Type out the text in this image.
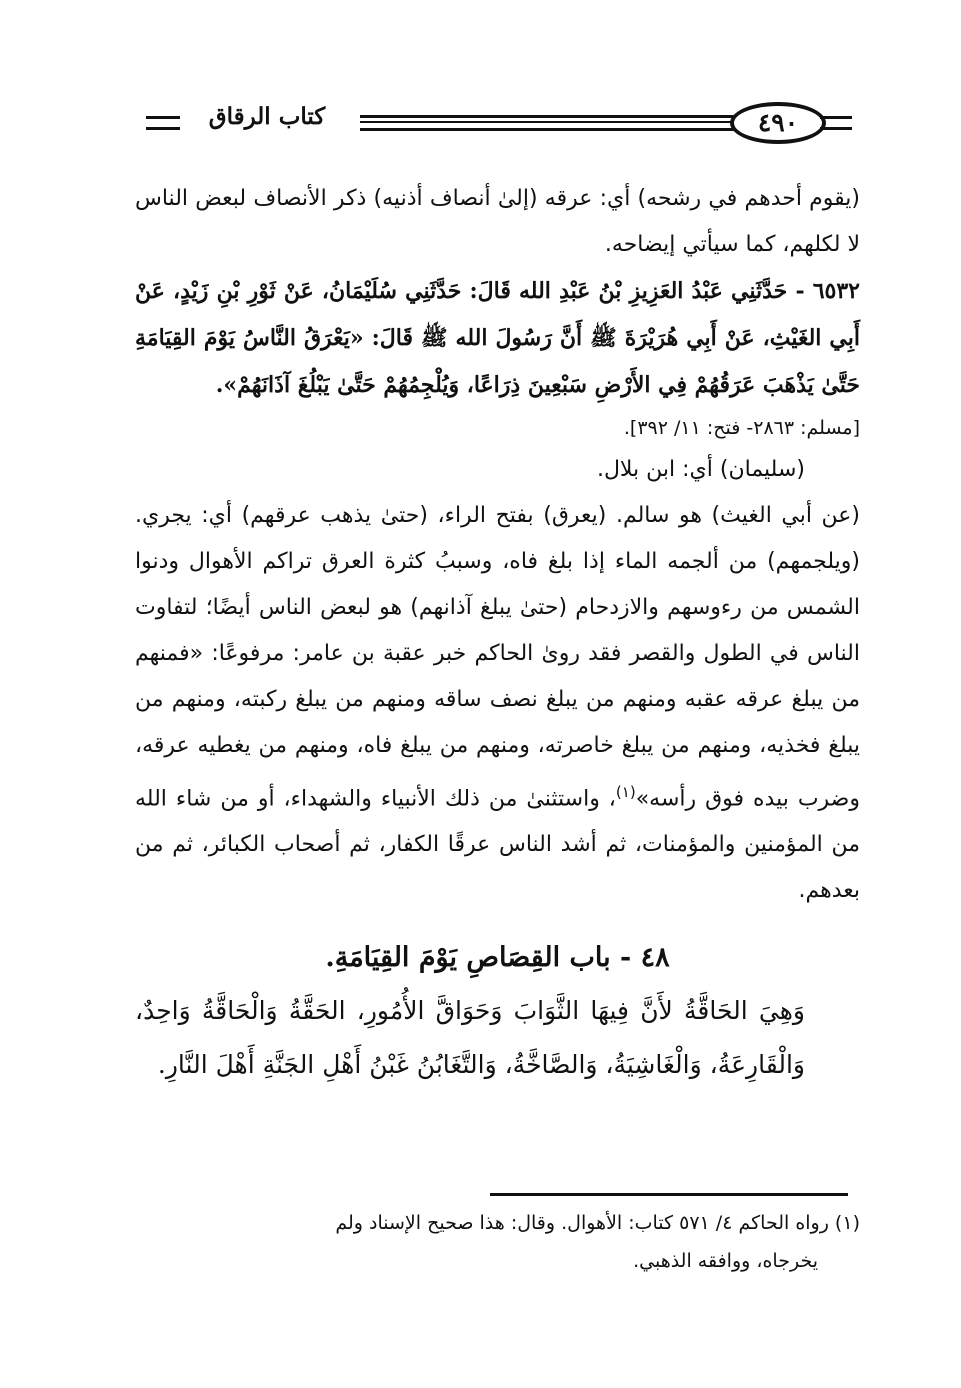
كتاب الرقاق	٤٩٠

(يقوم أحدهم في رشحه) أي: عرقه (إلىٰ أنصاف أذنيه) ذكر الأنصاف لبعض الناس لا لكلهم، كما سيأتي إيضاحه.

٦٥٣٢ - حَدَّثَنِي عَبْدُ العَزِيزِ بْنُ عَبْدِ الله قَالَ: حَدَّثَنِي سُلَيْمَانُ، عَنْ ثَوْرِ بْنِ زَيْدٍ، عَنْ أَبِي الغَيْثِ، عَنْ أَبِي هُرَيْرَةَ ﷺ أَنَّ رَسُولَ الله ﷺ قَالَ: «يَعْرَقُ النَّاسُ يَوْمَ القِيَامَةِ حَتَّىٰ يَذْهَبَ عَرَقُهُمْ فِي الأَرْضِ سَبْعِينَ ذِرَاعًا، وَيُلْجِمُهُمْ حَتَّىٰ يَبْلُغَ آذَانَهُمْ».

[مسلم: ٢٨٦٣- فتح: ١١/ ٣٩٢].

(سليمان) أي: ابن بلال.

(عن أبي الغيث) هو سالم. (يعرق) بفتح الراء، (حتىٰ يذهب عرقهم) أي: يجري. (ويلجمهم) من ألجمه الماء إذا بلغ فاه، وسببُ كثرة العرق تراكم الأهوال ودنوا الشمس من رءوسهم والازدحام (حتىٰ يبلغ آذانهم) هو لبعض الناس أيضًا؛ لتفاوت الناس في الطول والقصر فقد روىٰ الحاكم خبر عقبة بن عامر: مرفوعًا: «فمنهم من يبلغ عرقه عقبه ومنهم من يبلغ نصف ساقه ومنهم من يبلغ ركبته، ومنهم من يبلغ فخذيه، ومنهم من يبلغ خاصرته، ومنهم من يبلغ فاه، ومنهم من يغطيه عرقه، وضرب بيده فوق رأسه»$^{(١)}$، واستثنىٰ من ذلك الأنبياء والشهداء، أو من شاء الله من المؤمنين والمؤمنات، ثم أشد الناس عرقًا الكفار، ثم أصحاب الكبائر، ثم من بعدهم.

٤٨ - باب القِصَاصِ يَوْمَ القِيَامَةِ.

وَهِيَ الحَاقَّةُ لأَنَّ فِيهَا الثَّوَابَ وَحَوَاقَّ الأُمُورِ، الحَقَّةُ وَالْحَاقَّةُ وَاحِدٌ، وَالْقَارِعَةُ، وَالْغَاشِيَةُ، وَالصَّاخَّةُ، وَالتَّغَابُنُ غَبْنُ أَهْلِ الجَنَّةِ أَهْلَ النَّارِ.

(١) رواه الحاكم ٤/ ٥٧١ كتاب: الأهوال. وقال: هذا صحيح الإسناد ولم
يخرجاه، ووافقه الذهبي.
